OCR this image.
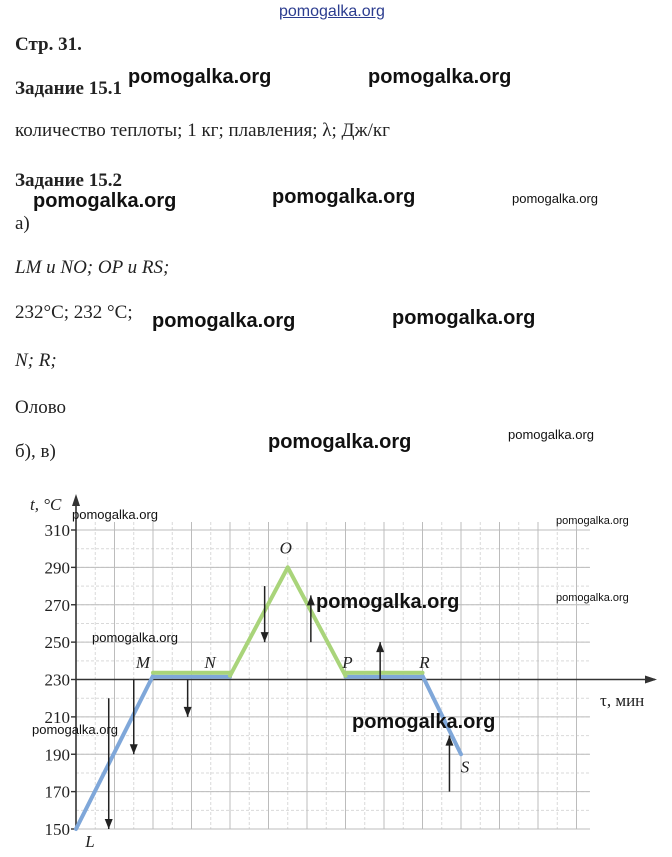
pomogalka.org
Стр. 31.
Задание 15.1
количество теплоты; 1 кг; плавления; λ; Дж/кг
Задание 15.2
а)
LM и NO; OP и RS;
232°С; 232 °С;
N; R;
Олово
б), в)
150
170
190
210
230
250
270
290
310
L
M	N
O
P	R
S
t, °C
τ, мин
pomogalka.org	pomogalka.org
pomogalka.org	pomogalka.org	pomogalka.org
pomogalka.org	pomogalka.org
pomogalka.org	pomogalka.org
pomogalka.org	pomogalka.org
pomogalka.org	pomogalka.org
pomogalka.org
pomogalka.org
pomogalka.org
